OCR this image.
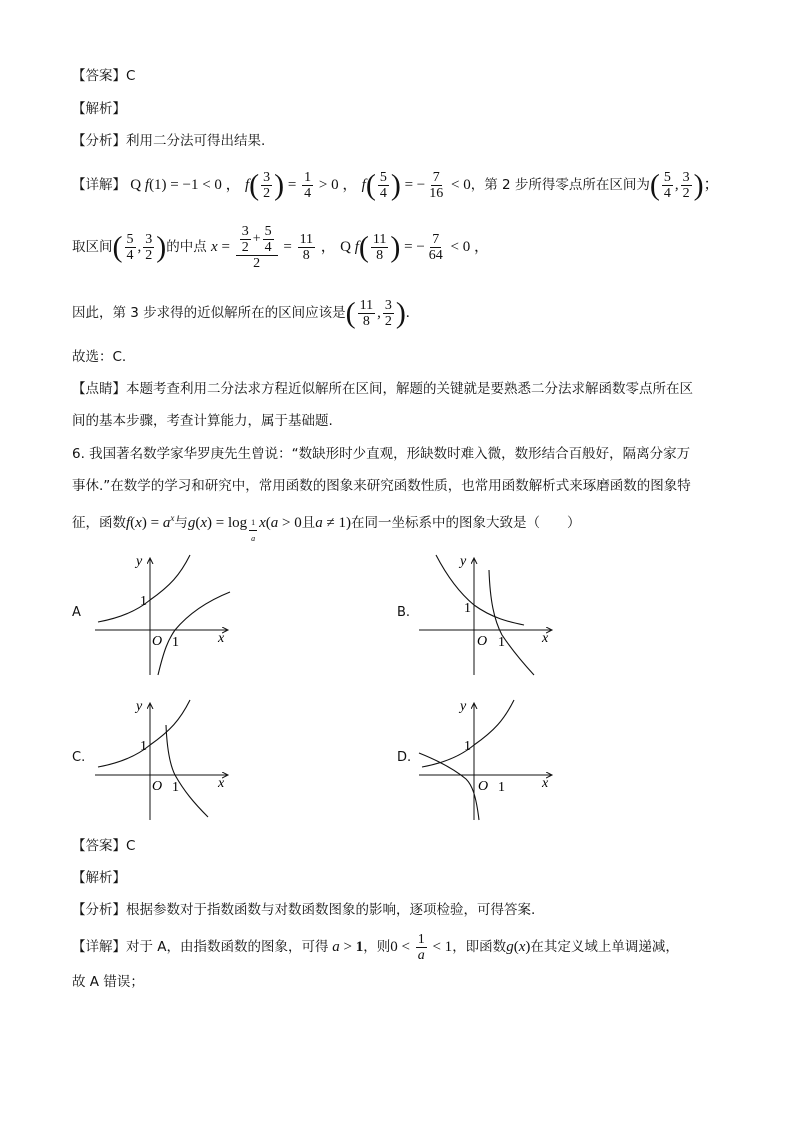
【答案】C
【解析】
【分析】利用二分法可得出结果.
【详解】 Q f(1) = −1 < 0 ， $f( \frac{3}{2}$ ) = $\frac{1}{4} > 0$ ， $f( \frac{5}{4}$ ) = − $\frac{7}{16} < 0$，第 2 步所得零点所在区间为( $\frac{5}{4}$ , $\frac{3}{2}$ )；
取区间( $\frac{5}{4}$ , $\frac{3}{2}$ )的中点 $x = \frac{\frac{3}{2} + \frac{5}{4}}{2} = \frac{11}{8}$ ， Q $f( \frac{11}{8}$ ) = − $\frac{7}{64} < 0$ ，
因此，第 3 步求得的近似解所在的区间应该是( $\frac{11}{8}$ , $\frac{3}{2}$ ).
故选：C.
【点睛】本题考查利用二分法求方程近似解所在区间，解题的关键就是要熟悉二分法求解函数零点所在区
间的基本步骤，考查计算能力，属于基础题.
6. 我国著名数学家华罗庚先生曾说：“数缺形时少直观，形缺数时难入微，数形结合百般好，隔离分家万
事休.”在数学的学习和研究中，常用函数的图象来研究函数性质，也常用函数解析式来琢磨函数的图象特
征，函数$f(x) = a^x$与g(x) = log $_{\frac{1}{a}}$ x(a > 0且a ≠ 1)在同一坐标系中的图象大致是（　　）
A	B.
C.	D.
y
x
O
1
1
y
x
O
1
1
y
x
O
1
1
y
x
O
1
1
【答案】C
【解析】
【分析】根据参数对于指数函数与对数函数图象的影响，逐项检验，可得答案.
【详解】对于 A，由指数函数的图象，可得 a > 1，则$0 < \frac{1}{a} < 1$，即函数g(x)在其定义域上单调递减，
故 A 错误；
